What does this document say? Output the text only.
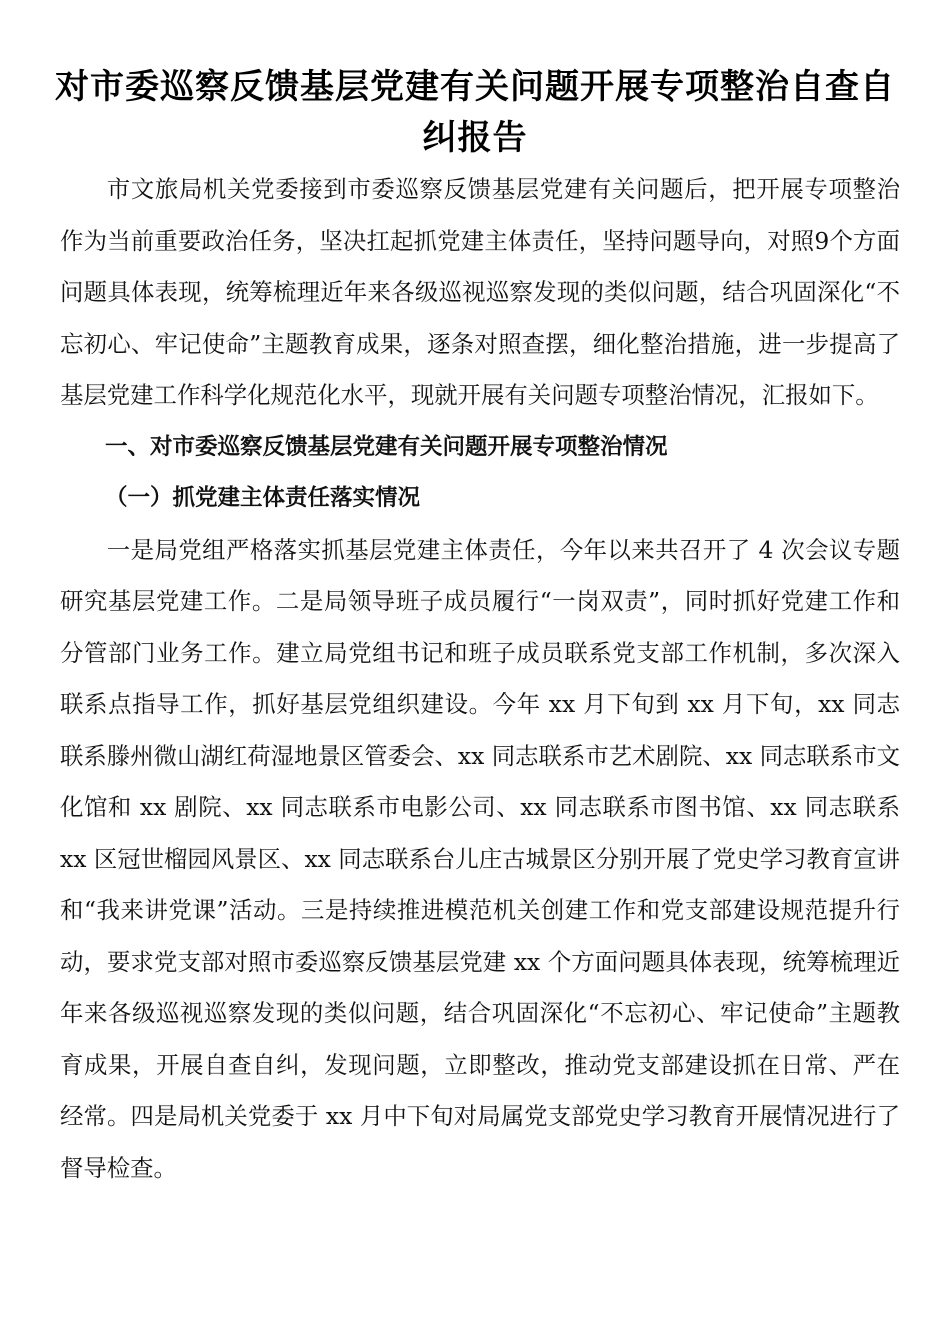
对市委巡察反馈基层党建有关问题开展专项整治自查自纠报告

市文旅局机关党委接到市委巡察反馈基层党建有关问题后，把开展专项整治作为当前重要政治任务，坚决扛起抓党建主体责任，坚持问题导向，对照9个方面问题具体表现，统筹梳理近年来各级巡视巡察发现的类似问题，结合巩固深化“不忘初心、牢记使命”主题教育成果，逐条对照查摆，细化整治措施，进一步提高了基层党建工作科学化规范化水平，现就开展有关问题专项整治情况，汇报如下。

一、对市委巡察反馈基层党建有关问题开展专项整治情况

（一）抓党建主体责任落实情况

一是局党组严格落实抓基层党建主体责任，今年以来共召开了 4 次会议专题研究基层党建工作。二是局领导班子成员履行“一岗双责”，同时抓好党建工作和分管部门业务工作。建立局党组书记和班子成员联系党支部工作机制，多次深入联系点指导工作，抓好基层党组织建设。今年 xx 月下旬到 xx 月下旬，xx 同志联系滕州微山湖红荷湿地景区管委会、xx 同志联系市艺术剧院、xx 同志联系市文化馆和 xx 剧院、xx 同志联系市电影公司、xx 同志联系市图书馆、xx 同志联系 xx 区冠世榴园风景区、xx 同志联系台儿庄古城景区分别开展了党史学习教育宣讲和“我来讲党课”活动。三是持续推进模范机关创建工作和党支部建设规范提升行动，要求党支部对照市委巡察反馈基层党建 xx 个方面问题具体表现，统筹梳理近年来各级巡视巡察发现的类似问题，结合巩固深化“不忘初心、牢记使命”主题教育成果，开展自查自纠，发现问题，立即整改，推动党支部建设抓在日常、严在经常。四是局机关党委于 xx 月中下旬对局属党支部党史学习教育开展情况进行了督导检查。
